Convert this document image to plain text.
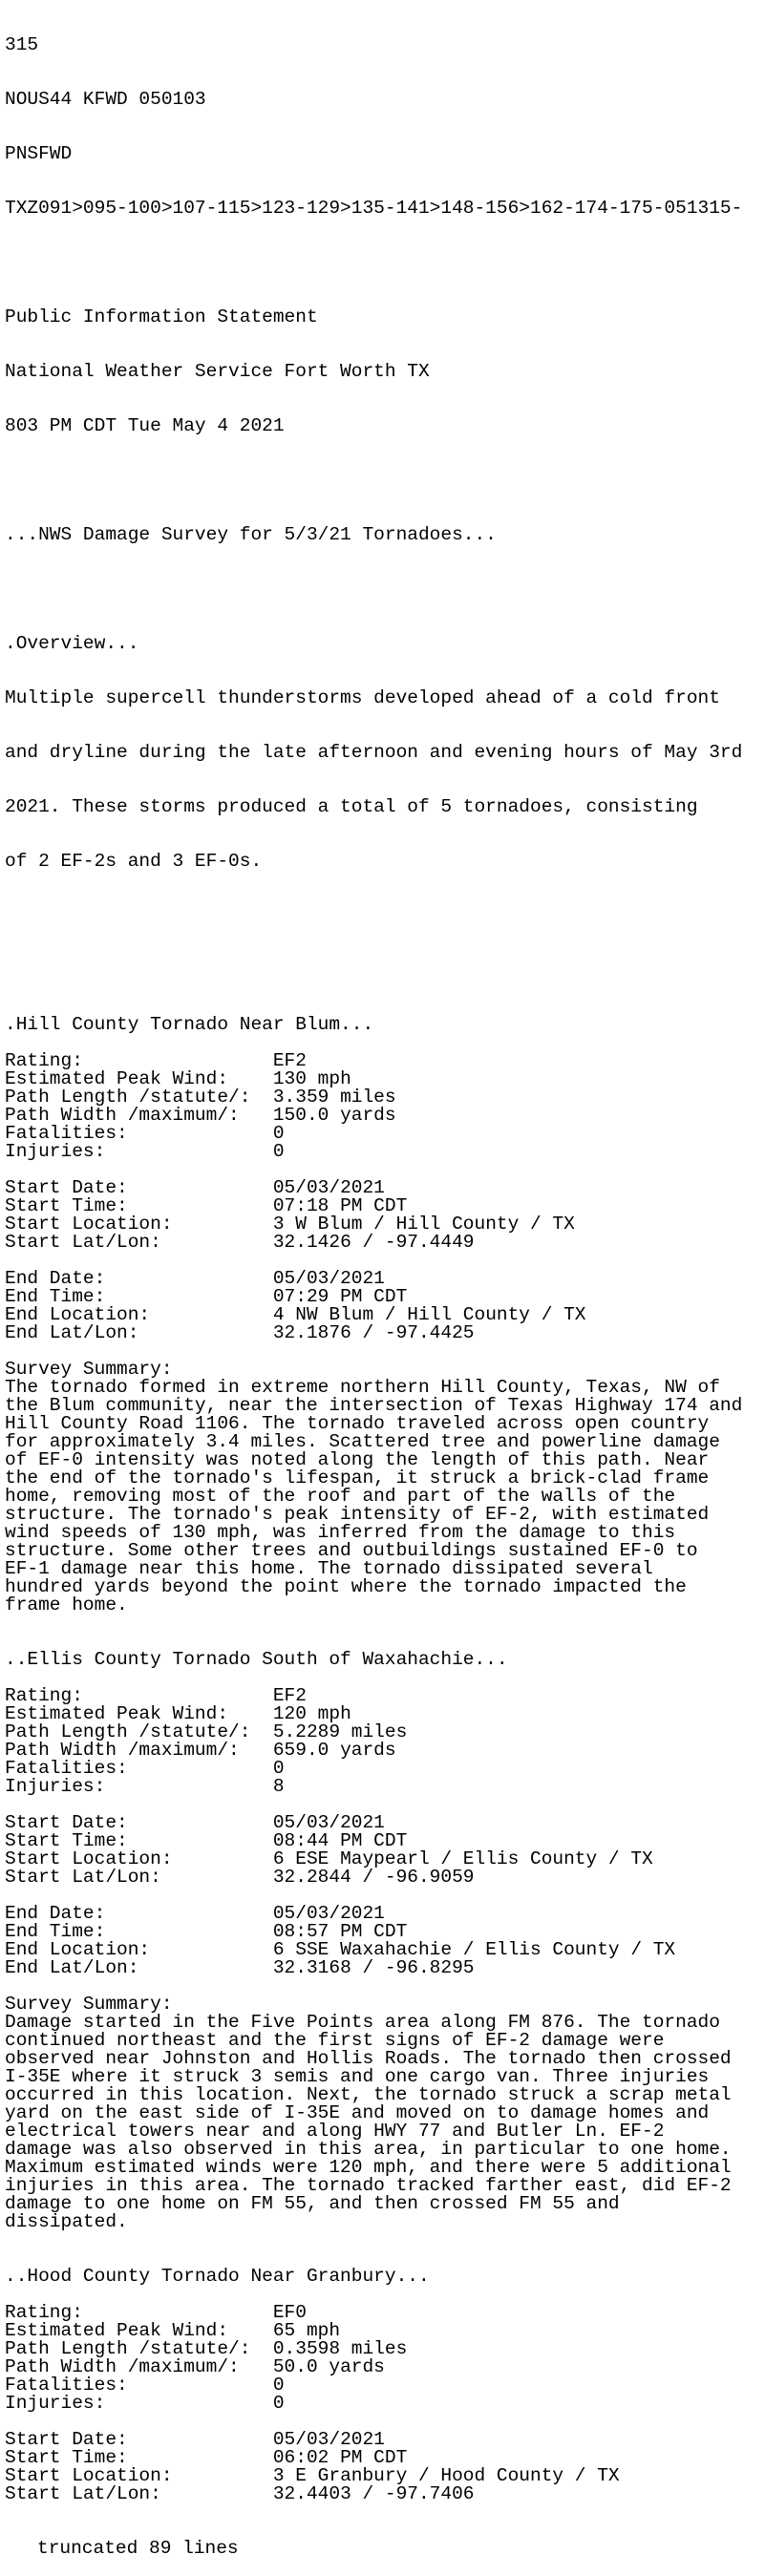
315

NOUS44 KFWD 050103

PNSFWD

TXZ091>095-100>107-115>123-129>135-141>148-156>162-174-175-051315-

Public Information Statement

National Weather Service Fort Worth TX

803 PM CDT Tue May 4 2021

...NWS Damage Survey for 5/3/21 Tornadoes...

.Overview...

Multiple supercell thunderstorms developed ahead of a cold front

and dryline during the late afternoon and evening hours of May 3rd

2021. These storms produced a total of 5 tornadoes, consisting

of 2 EF-2s and 3 EF-0s.

.Hill County Tornado Near Blum...
Rating:                 EF2
Estimated Peak Wind:    130 mph
Path Length /statute/:  3.359 miles
Path Width /maximum/:   150.0 yards
Fatalities:             0
Injuries:               0
Start Date:             05/03/2021
Start Time:             07:18 PM CDT
Start Location:         3 W Blum / Hill County / TX
Start Lat/Lon:          32.1426 / -97.4449
End Date:               05/03/2021
End Time:               07:29 PM CDT
End Location:           4 NW Blum / Hill County / TX
End Lat/Lon:            32.1876 / -97.4425
Survey Summary:
The tornado formed in extreme northern Hill County, Texas, NW of
the Blum community, near the intersection of Texas Highway 174 and
Hill County Road 1106. The tornado traveled across open country
for approximately 3.4 miles. Scattered tree and powerline damage
of EF-0 intensity was noted along the length of this path. Near
the end of the tornado's lifespan, it struck a brick-clad frame
home, removing most of the roof and part of the walls of the
structure. The tornado's peak intensity of EF-2, with estimated
wind speeds of 130 mph, was inferred from the damage to this
structure. Some other trees and outbuildings sustained EF-0 to
EF-1 damage near this home. The tornado dissipated several
hundred yards beyond the point where the tornado impacted the
frame home.
..Ellis County Tornado South of Waxahachie...
Rating:                 EF2
Estimated Peak Wind:    120 mph
Path Length /statute/:  5.2289 miles
Path Width /maximum/:   659.0 yards
Fatalities:             0
Injuries:               8
Start Date:             05/03/2021
Start Time:             08:44 PM CDT
Start Location:         6 ESE Maypearl / Ellis County / TX
Start Lat/Lon:          32.2844 / -96.9059
End Date:               05/03/2021
End Time:               08:57 PM CDT
End Location:           6 SSE Waxahachie / Ellis County / TX
End Lat/Lon:            32.3168 / -96.8295
Survey Summary:
Damage started in the Five Points area along FM 876. The tornado
continued northeast and the first signs of EF-2 damage were
observed near Johnston and Hollis Roads. The tornado then crossed
I-35E where it struck 3 semis and one cargo van. Three injuries
occurred in this location. Next, the tornado struck a scrap metal
yard on the east side of I-35E and moved on to damage homes and
electrical towers near and along HWY 77 and Butler Ln. EF-2
damage was also observed in this area, in particular to one home.
Maximum estimated winds were 120 mph, and there were 5 additional
injuries in this area. The tornado tracked farther east, did EF-2
damage to one home on FM 55, and then crossed FM 55 and
dissipated.
..Hood County Tornado Near Granbury...
Rating:                 EF0
Estimated Peak Wind:    65 mph
Path Length /statute/:  0.3598 miles
Path Width /maximum/:   50.0 yards
Fatalities:             0
Injuries:               0
Start Date:             05/03/2021
Start Time:             06:02 PM CDT
Start Location:         3 E Granbury / Hood County / TX
Start Lat/Lon:          32.4403 / -97.7406

truncated 89 lines
